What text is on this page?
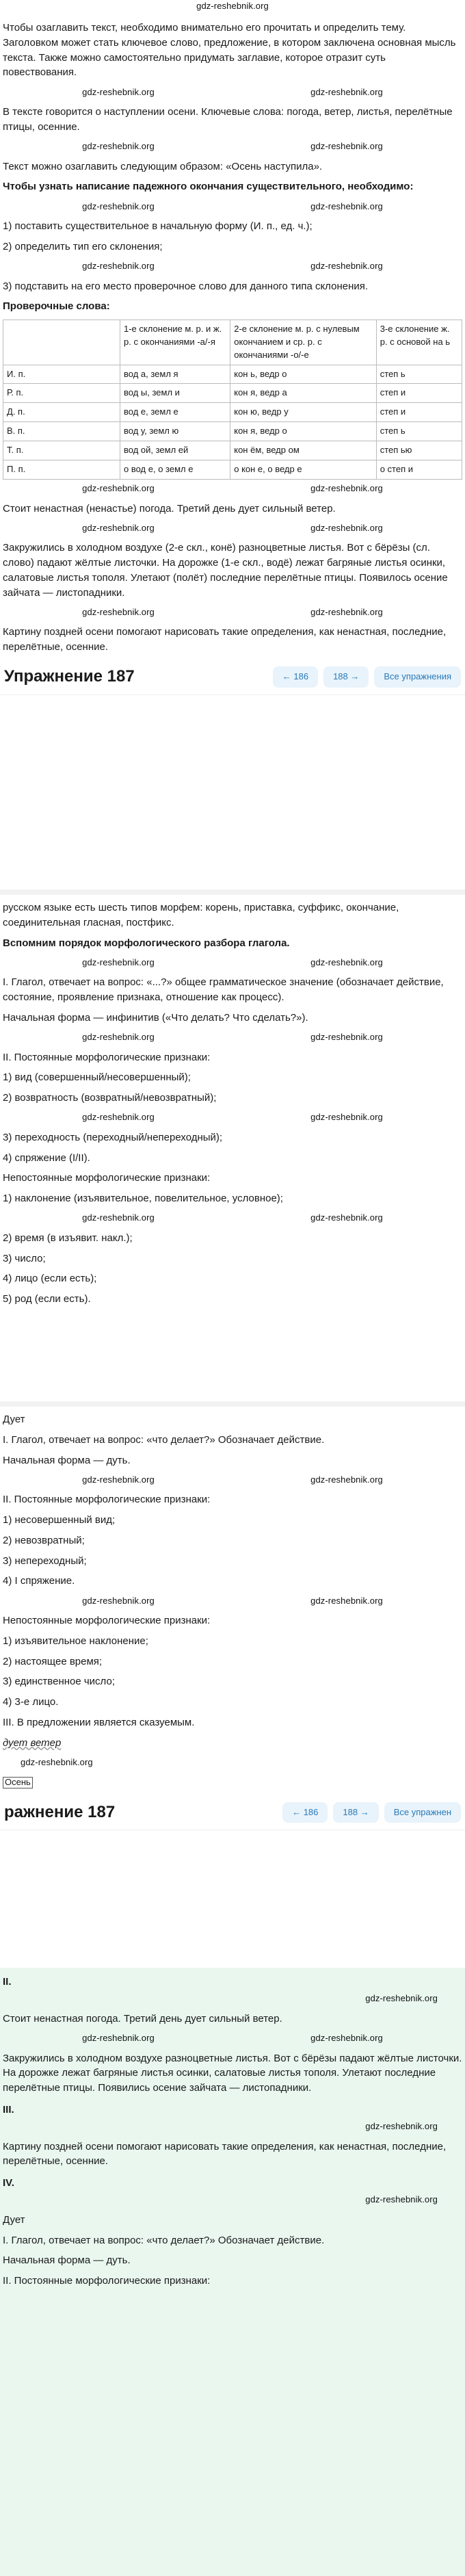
gdz-reshebnik.org
Чтобы озаглавить текст, необходимо внимательно его прочитать и определить тему. Заголовком может стать ключевое слово, предложение, в котором заключена основная мысль текста. Также можно самостоятельно придумать заглавие, которое отразит суть повествования.
gdz-reshebnik.org	gdz-reshebnik.org
В тексте говорится о наступлении осени. Ключевые слова: погода, ветер, листья, перелётные птицы, осенние.
gdz-reshebnik.org	gdz-reshebnik.org
Текст можно озаглавить следующим образом: «Осень наступила».
Чтобы узнать написание падежного окончания существительного, необходимо:
gdz-reshebnik.org	gdz-reshebnik.org
1) поставить существительное в начальную форму (И. п., ед. ч.);
2) определить тип его склонения;
gdz-reshebnik.org	gdz-reshebnik.org
3) подставить на его место проверочное слово для данного типа склонения.
Проверочные слова:
	1-е склонение м. р. и ж. р. с окончаниями -а/-я	2-е склонение м. р. с нулевым окончанием и ср. р. с окончаниями -о/-е	3-е склонение ж. р. с основой на ь
И. п.	вод а, земл я	кон ь, ведр о	степ ь
Р. п.	вод ы, земл и	кон я, ведр а	степ и
Д. п.	вод е, земл е	кон ю, ведр у	степ и
В. п.	вод у, земл ю	кон я, ведр о	степ ь
Т. п.	вод ой, земл ей	кон ём, ведр ом	степ ью
П. п.	о вод е, о земл е	о кон е, о ведр е	о степ и
gdz-reshebnik.org	gdz-reshebnik.org
Стоит ненастная (ненастье) погода. Третий день дует сильный ветер.
gdz-reshebnik.org	gdz-reshebnik.org
Закружились в холодном воздухе (2-е скл., конё) разноцветные листья. Вот с бёрёзы (сл. слово) падают жёлтые листочки. На дорожке (1-е скл., водё) лежат багряные листья осинки, салатовые листья тополя. Улетают (полёт) последние перелётные птицы. Появилось осение зайчата — листопадники.
gdz-reshebnik.org	gdz-reshebnik.org
Картину поздней осени помогают нарисовать такие определения, как ненастная, последние, перелётные, осенние.
Упражнение 187	← 186	188 →	Все упражнения
русском языке есть шесть типов морфем: корень, приставка, суффикс, окончание, соединительная гласная, постфикс.
Вспомним порядок морфологического разбора глагола.
gdz-reshebnik.org	gdz-reshebnik.org
I. Глагол, отвечает на вопрос: «...?» общее грамматическое значение (обозначает действие, состояние, проявление признака, отношение как процесс).
Начальная форма — инфинитив («Что делать? Что сделать?»).
gdz-reshebnik.org	gdz-reshebnik.org
II. Постоянные морфологические признаки:
1) вид (совершенный/несовершенный);
2) возвратность (возвратный/невозвратный);
gdz-reshebnik.org	gdz-reshebnik.org
3) переходность (переходный/непереходный);
4) спряжение (I/II).
Непостоянные морфологические признаки:
1) наклонение (изъявительное, повелительное, условное);
gdz-reshebnik.org	gdz-reshebnik.org
2) время (в изъявит. накл.);
3) число;
4) лицо (если есть);
5) род (если есть).
Дует
I. Глагол, отвечает на вопрос: «что делает?» Обозначает действие.
Начальная форма — дуть.
gdz-reshebnik.org	gdz-reshebnik.org
II. Постоянные морфологические признаки:
1) несовершенный вид;
2) невозвратный;
3) непереходный;
4) I спряжение.
gdz-reshebnik.org	gdz-reshebnik.org
Непостоянные морфологические признаки:
1) изъявительное наклонение;
2) настоящее время;
3) единственное число;
4) 3-е лицо.
III. В предложении является сказуемым.
дует ветер
gdz-reshebnik.org
Осень
ражнение 187	← 186	188 →	Все упражнен
II.
gdz-reshebnik.org
Стоит ненастная погода. Третий день дует сильный ветер.
gdz-reshebnik.org	gdz-reshebnik.org
Закружились в холодном воздухе разноцветные листья. Вот с бёрёзы падают жёлтые листочки. На дорожке лежат багряные листья осинки, салатовые листья тополя. Улетают последние перелётные птицы. Появились осение зайчата — листопадники.
III.
gdz-reshebnik.org
Картину поздней осени помогают нарисовать такие определения, как ненастная, последние, перелётные, осенние.
IV.
gdz-reshebnik.org
Дует
I. Глагол, отвечает на вопрос: «что делает?» Обозначает действие.
Начальная форма — дуть.
II. Постоянные морфологические признаки:
